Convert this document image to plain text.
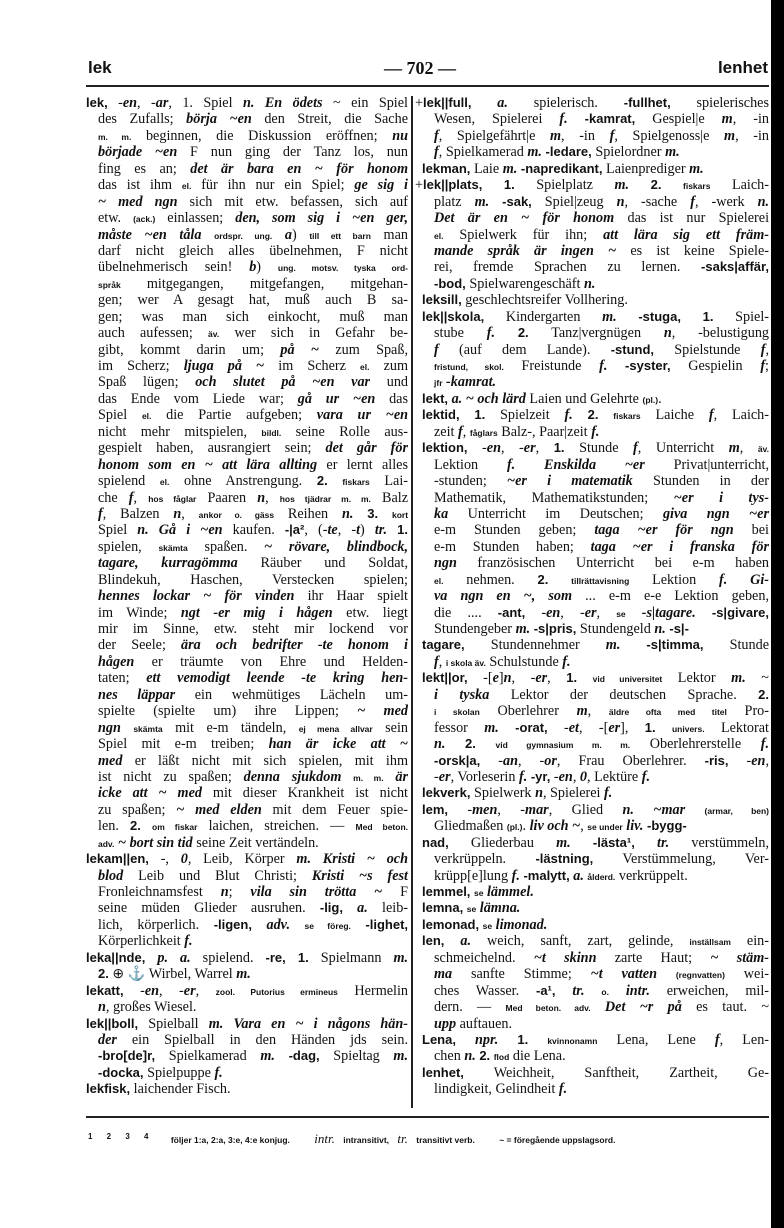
lek	— 702 —	lenhet
lek, -en, -ar, 1. Spiel n. En ödets ~ ein Spiel
des Zufalls; börja ~en den Streit, die Sache
m. m. beginnen, die Diskussion eröffnen; nu
började ~en F nun ging der Tanz los, nun
fing es an; det är bara en ~ för honom
das ist ihm el. für ihn nur ein Spiel; ge sig i
~ med ngn sich mit etw. befassen, sich auf
etw. (ack.) einlassen; den, som sig i ~en ger,
måste ~en tåla ordspr. ung. a) till ett barn man
darf nicht gleich alles übelnehmen, F nicht
übelnehmerisch sein! b) ung. motsv. tyska ord-
språk mitgegangen, mitgefangen, mitgehan-
gen; wer A gesagt hat, muß auch B sa-
gen; was man sich einkocht, muß man
auch aufessen; äv. wer sich in Gefahr be-
gibt, kommt darin um; på ~ zum Spaß,
im Scherz; ljuga på ~ im Scherz el. zum
Spaß lügen; och slutet på ~en var und
das Ende vom Liede war; gå ur ~en das
Spiel el. die Partie aufgeben; vara ur ~en
nicht mehr mitspielen, bildl. seine Rolle aus-
gespielt haben, ausrangiert sein; det går för
honom som en ~ att lära allting er lernt alles
spielend el. ohne Anstrengung. 2. fiskars Lai-
che f, hos fåglar Paaren n, hos tjädrar m. m. Balz
f, Balzen n, ankor o. gäss Reihen n. 3. kort
Spiel n. Gå i ~en kaufen. -|a², (-te, -t) tr. 1.
spielen, skämta spaßen. ~ rövare, blindbock,
tagare, kurragömma Räuber und Soldat,
Blindekuh, Haschen, Verstecken spielen;
hennes lockar ~ för vinden ihr Haar spielt
im Winde; ngt -er mig i hågen etw. liegt
mir im Sinne, etw. steht mir lockend vor
der Seele; ära och bedrifter -te honom i
hågen er träumte von Ehre und Helden-
taten; ett vemodigt leende -te kring hen-
nes läppar ein wehmütiges Lächeln um-
spielte (spielte um) ihre Lippen; ~ med
ngn skämta mit e-m tändeln, ej mena allvar sein
Spiel mit e-m treiben; han är icke att ~
med er läßt nicht mit sich spielen, mit ihm
ist nicht zu spaßen; denna sjukdom m. m. är
icke att ~ med mit dieser Krankheit ist nicht
zu spaßen; ~ med elden mit dem Feuer spie-
len. 2. om fiskar laichen, streichen. — Med beton.
adv. ~ bort sin tid seine Zeit vertändeln.
lekam||en, -, 0, Leib, Körper m. Kristi ~ och
blod Leib und Blut Christi; Kristi ~s fest
Fronleichnamsfest n; vila sin trötta ~ F
seine müden Glieder ausruhen. -lig, a. leib-
lich, körperlich. -ligen, adv. se föreg. -lighet,
Körperlichkeit f.
leka||nde, p. a. spielend. -re, 1. Spielmann m.
2. ⊕ ⚓ Wirbel, Warrel m.
lekatt, -en, -er, zool. Putorius ermineus Hermelin
n, großes Wiesel.
lek||boll, Spielball m. Vara en ~ i någons hän-
der ein Spielball in den Händen jds sein.
-bro[de]r, Spielkamerad m. -dag, Spieltag m.
-docka, Spielpuppe f.
lekfisk, laichender Fisch.
+lek||full, a. spielerisch. -fullhet, spielerisches
Wesen, Spielerei f. -kamrat, Gespiel|e m, -in
f, Spielgefährt|e m, -in f, Spielgenoss|e m, -in
f, Spielkamerad m. -ledare, Spielordner m.
lekman, Laie m. -napredikant, Laienprediger m.
+lek||plats, 1. Spielplatz m. 2.	fiskars Laich-
platz m. -sak, Spiel|zeug n, -sache f, -werk n.
Det är en ~ för honom das ist nur Spielerei
el. Spielwerk für ihn; att lära sig ett främ-
mande språk är ingen ~ es ist keine Spiele-
rei, fremde Sprachen zu lernen. -saks|affär,
-bod, Spielwarengeschäft n.
leksill, geschlechtsreifer Vollhering.
lek||skola, Kindergarten m. -stuga, 1. Spiel-
stube f. 2. Tanz|vergnügen n, -belustigung
f (auf dem Lande). -stund, Spielstunde f,
fristund, skol. Freistunde f. -syster, Gespielin f;
jfr -kamrat.
lekt, a. ~ och lärd Laien und Gelehrte (pl.).
lektid, 1. Spielzeit f. 2. fiskars Laiche f, Laich-
zeit f, fåglars Balz-, Paar|zeit f.
lektion, -en, -er, 1. Stunde f, Unterricht m, äv.
Lektion f. Enskilda ~er Privat|unterricht,
-stunden; ~er i matematik Stunden in der
Mathematik, Mathematikstunden; ~er i tys-
ka Unterricht im Deutschen; giva ngn ~er
e-m Stunden geben; taga ~er för ngn bei
e-m Stunden haben; taga ~er i franska för
ngn französischen Unterricht bei e-m haben
el. nehmen. 2.	tillrättavisning Lektion f. Gi-
va ngn en ~, som ... e-m e-e Lektion geben,
die .... -ant, -en, -er, se -s|tagare. -s|givare,
Stundengeber m. -s|pris, Stundengeld n. -s|-
tagare, Stundennehmer m. -s|timma, Stunde
f, i skola äv. Schulstunde f.
lekt||or, -[e]n, -er, 1. vid universitet Lektor m. ~
i tyska Lektor der deutschen Sprache. 2.
i skolan Oberlehrer m, äldre ofta med titel Pro-
fessor m. -orat, -et, -[er], 1. univers. Lektorat
n. 2. vid gymnasium m. m. Oberlehrerstelle f.
-orsk|a, -an, -or, Frau Oberlehrer. -ris, -en,
-er, Vorleserin f. -yr, -en, 0, Lektüre f.
lekverk, Spielwerk n, Spielerei f.
lem, -men, -mar, Glied n. ~mar (armar, ben)
Gliedmaßen (pl.). liv och ~, se under liv. -bygg-
nad, Gliederbau m. -lästa¹, tr. verstümmeln,
verkrüppeln. -lästning, Verstümmelung, Ver-
krüpp[e]lung f. -malytt, a. ålderd. verkrüppelt.
lemmel, se lämmel.
lemna, se lämna.
lemonad, se limonad.
len, a. weich, sanft, zart, gelinde, inställsam ein-
schmeichelnd. ~t skinn zarte Haut; ~ stäm-
ma sanfte Stimme; ~t vatten (regnvatten) wei-
ches Wasser. -a¹, tr. o. intr. erweichen, mil-
dern. — Med beton. adv. Det ~r på es taut. ~
upp auftauen.
Lena, npr. 1. kvinnonamn Lena, Lene f, Len-
chen n. 2. flod die Lena.
lenhet, Weichheit, Sanftheit, Zartheit, Ge-
lindigkeit, Gelindheit f.
1 2 3 4 följer 1:a, 2:a, 3:e, 4:e konjug. intr. intransitivt, tr. transitivt verb.	~ = föregående uppslagsord.
